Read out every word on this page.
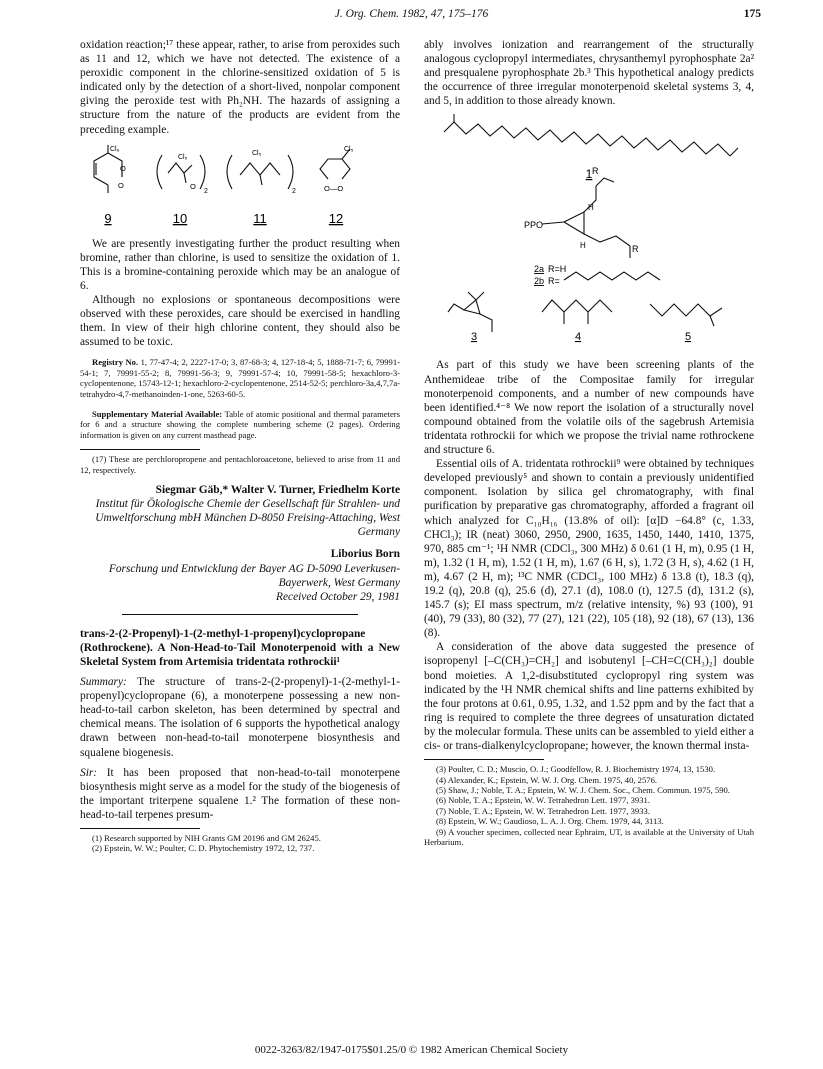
J. Org. Chem. 1982, 47, 175–176	175

oxidation reaction;¹⁷ these appear, rather, to arise from peroxides such as 11 and 12, which we have not detected. The existence of a peroxidic component in the chlorine-sensitized oxidation of 5 is indicated only by the detection of a short-lived, nonpolar component giving the peroxide test with Ph₂NH. The hazards of assigning a structure from the nature of the products are evident from the preceding example.

Cl₆
O
O
Cl₅
O
2
Cl₅
2
Cl₅
O—O
9	10	11	12

We are presently investigating further the product resulting when bromine, rather than chlorine, is used to sensitize the oxidation of 1. This is a bromine-containing peroxide which may be an analogue of 6.

Although no explosions or spontaneous decompositions were observed with these peroxides, care should be exercised in handling them. In view of their high chlorine content, they should also be assumed to be toxic.

Registry No. 1, 77-47-4; 2, 2227-17-0; 3, 87-68-3; 4, 127-18-4; 5, 1888-71-7; 6, 79991-54-1; 7, 79991-55-2; 8, 79991-56-3; 9, 79991-57-4; 10, 79991-58-5; hexachloro-3-cyclopentenone, 15743-12-1; hexachloro-2-cyclopentenone, 2514-52-5; perchloro-3a,4,7,7a-tetrahydro-4,7-methanoinden-1-one, 5263-60-5.

Supplementary Material Available: Table of atomic positional and thermal parameters for 6 and a structure showing the complete numbering scheme (2 pages). Ordering information is given on any current masthead page.

(17) These are perchloropropene and pentachloroacetone, believed to arise from 11 and 12, respectively.

Siegmar Gäb,* Walter V. Turner, Friedhelm Korte
Institut für Ökologische Chemie der Gesellschaft für Strahlen- und Umweltforschung mbH München D-8050 Freising-Attaching, West Germany
Liborius Born
Forschung und Entwicklung der Bayer AG D-5090 Leverkusen-Bayerwerk, West Germany
Received October 29, 1981

trans-2-(2-Propenyl)-1-(2-methyl-1-propenyl)cyclopropane (Rothrockene). A Non-Head-to-Tail Monoterpenoid with a New Skeletal System from Artemisia tridentata rothrockii¹

Summary: The structure of trans-2-(2-propenyl)-1-(2-methyl-1-propenyl)cyclopropane (6), a monoterpene possessing a new non-head-to-tail carbon skeleton, has been determined by spectral and chemical means. The isolation of 6 supports the hypothetical analogy drawn between non-head-to-tail monoterpene biosynthesis and squalene biogenesis.

Sir: It has been proposed that non-head-to-tail monoterpene biosynthesis might serve as a model for the study of the biogenesis of the important triterpene squalene 1.² The formation of these non-head-to-tail terpenes presum-

(1) Research supported by NIH Grants GM 20196 and GM 26245.

(2) Epstein, W. W.; Poulter, C. D. Phytochemistry 1972, 12, 737.

ably involves ionization and rearrangement of the structurally analogous cyclopropyl intermediates, chrysanthemyl pyrophosphate 2a² and presqualene pyrophosphate 2b.³ This hypothetical analogy predicts the occurrence of three irregular monoterpenoid skeletal systems 3, 4, and 5, in addition to those already known.

1
PPO
R
H
H	R
2a R=H
2b R=
3	4	5

As part of this study we have been screening plants of the Anthemideae tribe of the Compositae family for irregular monoterpenoid components, and a number of new compounds have been identified.⁴⁻⁸ We now report the isolation of a structurally novel compound obtained from the volatile oils of the sagebrush Artemisia tridentata rothrockii for which we propose the trivial name rothrockene and structure 6.

Essential oils of A. tridentata rothrockii⁹ were obtained by techniques developed previously⁵ and shown to contain a previously unidentified component. Isolation by silica gel chromatography, with final purification by preparative gas chromatography, afforded a fragrant oil which analyzed for C₁₀H₁₆ (13.8% of oil): [α]D −64.8° (c, 1.33, CHCl₃); IR (neat) 3060, 2950, 2900, 1635, 1450, 1440, 1410, 1375, 970, 885 cm⁻¹; ¹H NMR (CDCl₃, 300 MHz) δ 0.61 (1 H, m), 0.95 (1 H, m), 1.32 (1 H, m), 1.52 (1 H, m), 1.67 (6 H, s), 1.72 (3 H, s), 4.62 (1 H, m), 4.67 (2 H, m); ¹³C NMR (CDCl₃, 100 MHz) δ 13.8 (t), 18.3 (q), 19.2 (q), 20.8 (q), 25.6 (d), 27.1 (d), 108.0 (t), 127.5 (d), 131.2 (s), 145.7 (s); EI mass spectrum, m/z (relative intensity, %) 93 (100), 91 (40), 79 (33), 80 (32), 77 (27), 121 (22), 105 (18), 92 (18), 67 (13), 136 (8).

A consideration of the above data suggested the presence of isopropenyl [–C(CH₃)=CH₂] and isobutenyl [–CH=C(CH₃)₂] double bond moieties. A 1,2-disubstituted cyclopropyl ring system was indicated by the ¹H NMR chemical shifts and line patterns exhibited by the four protons at 0.61, 0.95, 1.32, and 1.52 ppm and by the fact that a ring is required to complete the three degrees of unsaturation dictated by the molecular formula. These units can be assembled to yield either a cis- or trans-dialkenylcyclopropane; however, the known thermal insta-

(3) Poulter, C. D.; Muscio, O. J.; Goodfellow, R. J. Biochemistry 1974, 13, 1530.

(4) Alexander, K.; Epstein, W. W. J. Org. Chem. 1975, 40, 2576.

(5) Shaw, J.; Noble, T. A.; Epstein, W. W. J. Chem. Soc., Chem. Commun. 1975, 590.

(6) Noble, T. A.; Epstein, W. W. Tetrahedron Lett. 1977, 3931.

(7) Noble, T. A.; Epstein, W. W. Tetrahedron Lett. 1977, 3933.

(8) Epstein, W. W.; Gaudioso, L. A. J. Org. Chem. 1979, 44, 3113.

(9) A voucher specimen, collected near Ephraim, UT, is available at the University of Utah Herbarium.

0022-3263/82/1947-0175$01.25/0 © 1982 American Chemical Society
